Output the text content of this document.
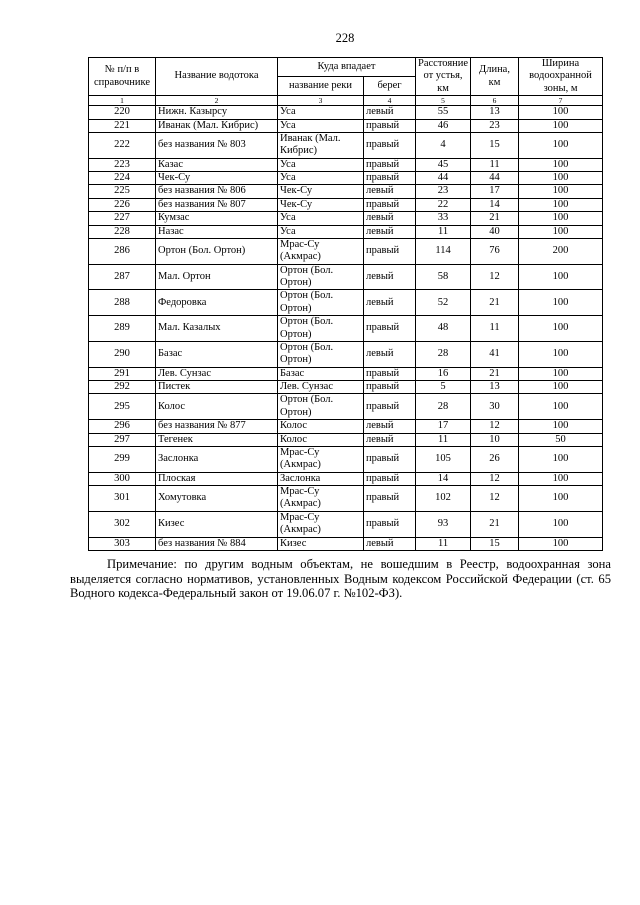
228
№ п/п в справочнике	Название водотока	Куда впадает		Расстояние от устья, км	Длина, км	Ширина водоохранной зоны, м
		название реки	берег			
1	2	3	4	5	6	7
220	Нижн. Казырсу	Уса	левый	55	13	100
221	Иванак (Мал. Кибрис)	Уса	правый	46	23	100
222	без названия № 803	Иванак (Мал. Кибрис)	правый	4	15	100
223	Казас	Уса	правый	45	11	100
224	Чек-Су	Уса	правый	44	44	100
225	без названия № 806	Чек-Су	левый	23	17	100
226	без названия № 807	Чек-Су	правый	22	14	100
227	Кумзас	Уса	левый	33	21	100
228	Назас	Уса	левый	11	40	100
286	Ортон (Бол. Ортон)	Мрас-Су (Акмрас)	правый	114	76	200
287	Мал. Ортон	Ортон (Бол. Ортон)	левый	58	12	100
288	Федоровка	Ортон (Бол. Ортон)	левый	52	21	100
289	Мал. Казалых	Ортон (Бол. Ортон)	правый	48	11	100
290	Базас	Ортон (Бол. Ортон)	левый	28	41	100
291	Лев. Сунзас	Базас	правый	16	21	100
292	Пистек	Лев. Сунзас	правый	5	13	100
295	Колос	Ортон (Бол. Ортон)	правый	28	30	100
296	без названия № 877	Колос	левый	17	12	100
297	Тегенек	Колос	левый	11	10	50
299	Заслонка	Мрас-Су (Акмрас)	правый	105	26	100
300	Плоская	Заслонка	правый	14	12	100
301	Хомутовка	Мрас-Су (Акмрас)	правый	102	12	100
302	Кизес	Мрас-Су (Акмрас)	правый	93	21	100
303	без названия № 884	Кизес	левый	11	15	100

Примечание: по другим водным объектам, не вошедшим в Реестр, водоохранная зона выделяется согласно нормативов, установленных Водным кодексом Российской Федерации (ст. 65 Водного кодекса-Федеральный закон от 19.06.07 г. №102-ФЗ).
